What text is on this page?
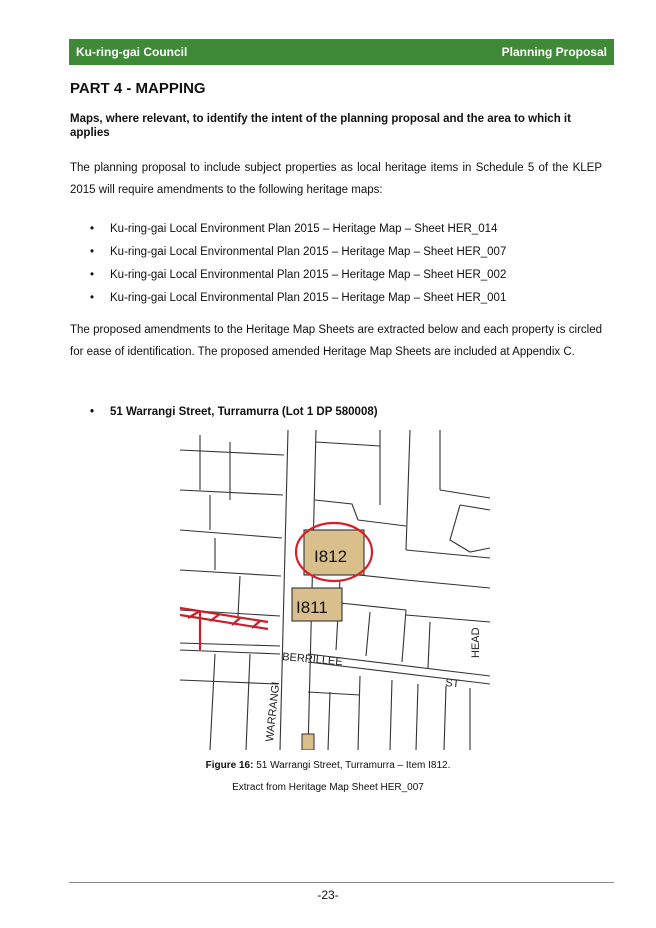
Ku-ring-gai Council	Planning Proposal
PART 4 - MAPPING

Maps, where relevant, to identify the intent of the planning proposal and the area to which it applies

The planning proposal to include subject properties as local heritage items in Schedule 5 of the KLEP 2015 will require amendments to the following heritage maps:

• Ku-ring-gai Local Environment Plan 2015 – Heritage Map – Sheet HER_014
• Ku-ring-gai Local Environmental Plan 2015 – Heritage Map – Sheet HER_007
• Ku-ring-gai Local Environmental Plan 2015 – Heritage Map – Sheet HER_002
• Ku-ring-gai Local Environmental Plan 2015 – Heritage Map – Sheet HER_001

The proposed amendments to the Heritage Map Sheets are extracted below and each property is circled for ease of identification. The proposed amended Heritage Map Sheets are included at Appendix C.

• 51 Warrangi Street, Turramurra (Lot 1 DP 580008)

I812
I811
WARRANGI
BERRILLEE
ST
HEAD

Figure 16: 51 Warrangi Street, Turramurra – Item I812.

Extract from Heritage Map Sheet HER_007

-23-
